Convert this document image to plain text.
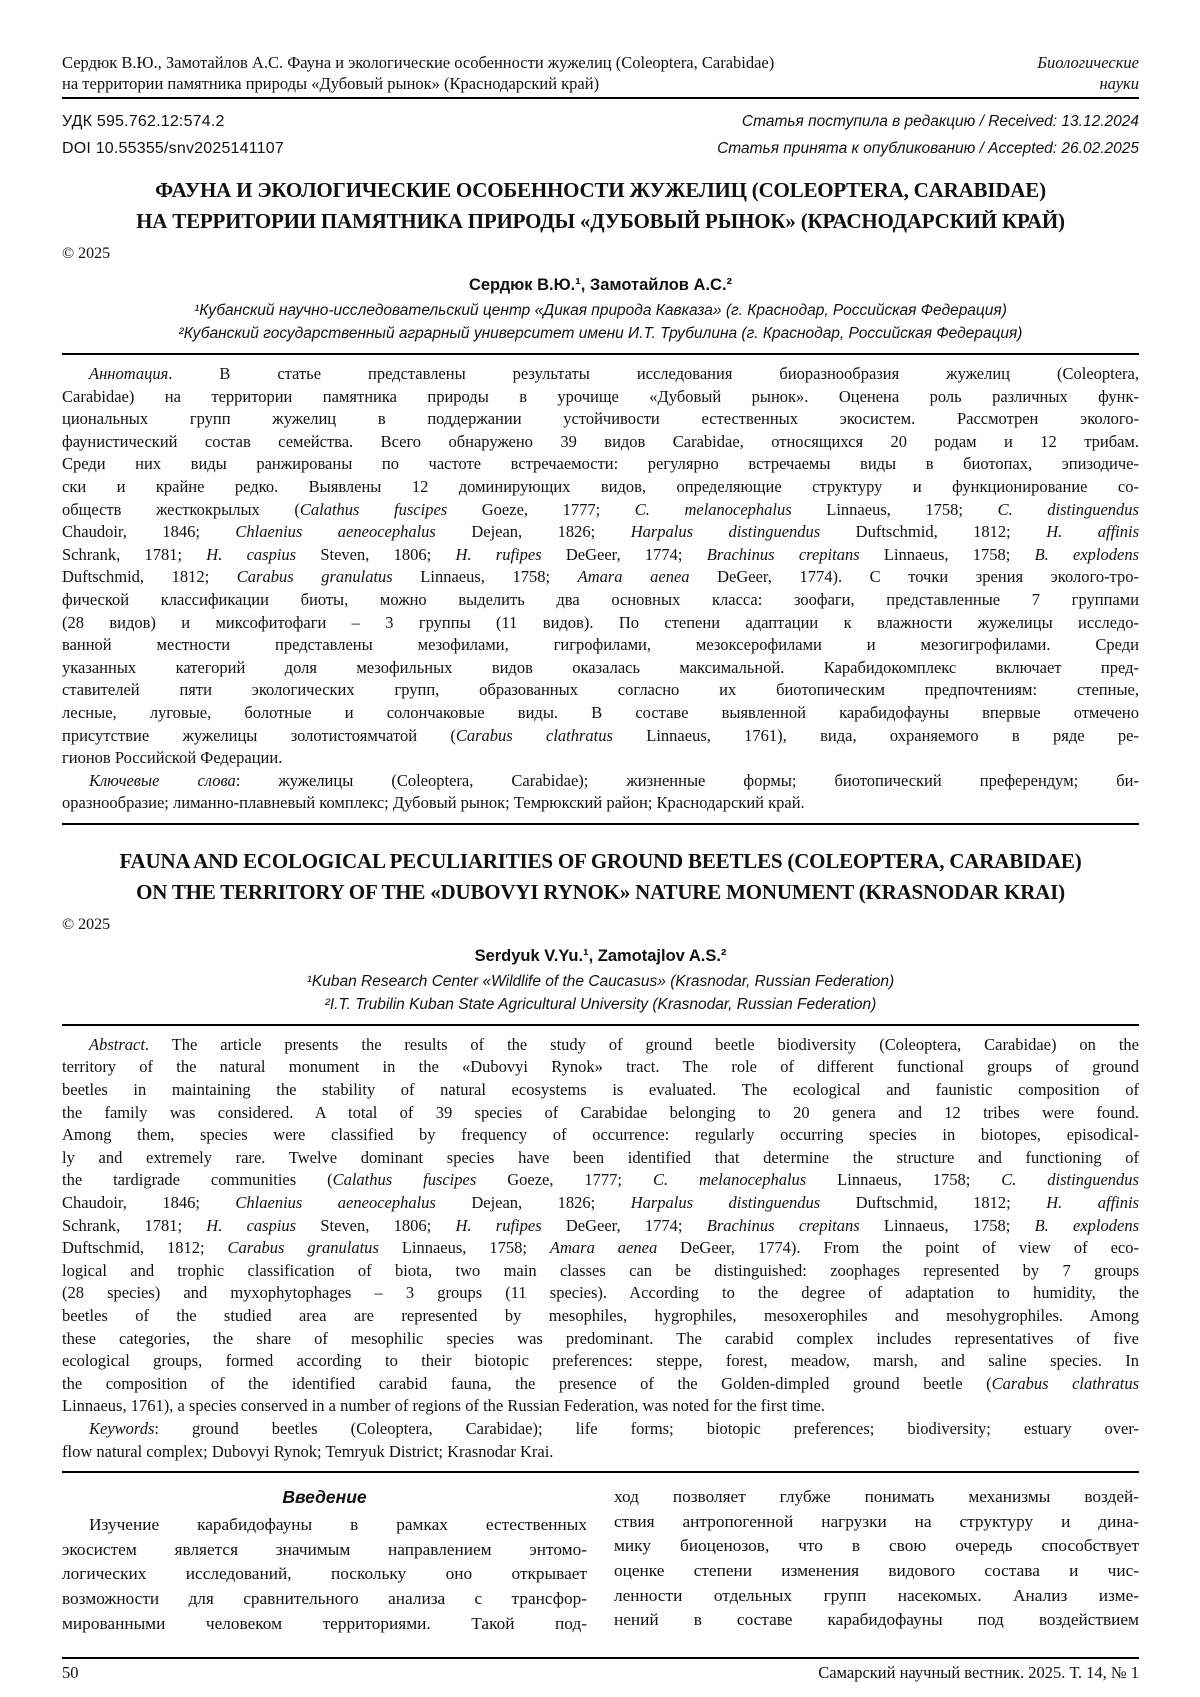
Сердюк В.Ю., Замотайлов А.С. Фауна и экологические особенности жужелиц (Coleoptera, Carabidae)
на территории памятника природы «Дубовый рынок» (Краснодарский край)
Биологические
науки
УДК 595.762.12:574.2	Статья поступила в редакцию / Received: 13.12.2024
DOI 10.55355/snv2025141107	Статья принята к опубликованию / Accepted: 26.02.2025
ФАУНА И ЭКОЛОГИЧЕСКИЕ ОСОБЕННОСТИ ЖУЖЕЛИЦ (COLEOPTERA, CARABIDAE)
НА ТЕРРИТОРИИ ПАМЯТНИКА ПРИРОДЫ «ДУБОВЫЙ РЫНОК» (КРАСНОДАРСКИЙ КРАЙ)
© 2025
Сердюк В.Ю.¹, Замотайлов А.С.²
¹Кубанский научно-исследовательский центр «Дикая природа Кавказа» (г. Краснодар, Российская Федерация)
²Кубанский государственный аграрный университет имени И.Т. Трубилина (г. Краснодар, Российская Федерация)
Аннотация. В статье представлены результаты исследования биоразнообразия жужелиц (Coleoptera,
Carabidae) на территории памятника природы в урочище «Дубовый рынок». Оценена роль различных функ-
циональных групп жужелиц в поддержании устойчивости естественных экосистем. Рассмотрен эколого-
фаунистический состав семейства. Всего обнаружено 39 видов Carabidae, относящихся 20 родам и 12 трибам.
Среди них виды ранжированы по частоте встречаемости: регулярно встречаемы виды в биотопах, эпизодиче-
ски и крайне редко. Выявлены 12 доминирующих видов, определяющие структуру и функционирование со-
обществ жесткокрылых (Calathus fuscipes Goeze, 1777; C. melanocephalus Linnaeus, 1758; C. distinguendus
Chaudoir, 1846; Chlaenius aeneocephalus Dejean, 1826; Harpalus distinguendus Duftschmid, 1812; H. affinis
Schrank, 1781; H. caspius Steven, 1806; H. rufipes DeGeer, 1774; Brachinus crepitans Linnaeus, 1758; B. explodens
Duftschmid, 1812; Carabus granulatus Linnaeus, 1758; Amara aenea DeGeer, 1774). С точки зрения эколого-тро-
фической классификации биоты, можно выделить два основных класса: зоофаги, представленные 7 группами
(28 видов) и миксофитофаги – 3 группы (11 видов). По степени адаптации к влажности жужелицы исследо-
ванной местности представлены мезофилами, гигрофилами, мезоксерофилами и мезогигрофилами. Среди
указанных категорий доля мезофильных видов оказалась максимальной. Карабидокомплекс включает пред-
ставителей пяти экологических групп, образованных согласно их биотопическим предпочтениям: степные,
лесные, луговые, болотные и солончаковые виды. В составе выявленной карабидофауны впервые отмечено
присутствие жужелицы золотистоямчатой (Carabus clathratus Linnaeus, 1761), вида, охраняемого в ряде ре-
гионов Российской Федерации.
Ключевые слова: жужелицы (Coleoptera, Carabidae); жизненные формы; биотопический преферендум; би-
оразнообразие; лиманно-плавневый комплекс; Дубовый рынок; Темрюкский район; Краснодарский край.
FAUNA AND ECOLOGICAL PECULIARITIES OF GROUND BEETLES (COLEOPTERA, CARABIDAE)
ON THE TERRITORY OF THE «DUBOVYI RYNOK» NATURE MONUMENT (KRASNODAR KRAI)
© 2025
Serdyuk V.Yu.¹, Zamotajlov A.S.²
¹Kuban Research Center «Wildlife of the Caucasus» (Krasnodar, Russian Federation)
²I.T. Trubilin Kuban State Agricultural University (Krasnodar, Russian Federation)
Abstract. The article presents the results of the study of ground beetle biodiversity (Coleoptera, Carabidae) on the
territory of the natural monument in the «Dubovyi Rynok» tract. The role of different functional groups of ground
beetles in maintaining the stability of natural ecosystems is evaluated. The ecological and faunistic composition of
the family was considered. A total of 39 species of Carabidae belonging to 20 genera and 12 tribes were found.
Among them, species were classified by frequency of occurrence: regularly occurring species in biotopes, episodical-
ly and extremely rare. Twelve dominant species have been identified that determine the structure and functioning of
the tardigrade communities (Calathus fuscipes Goeze, 1777; C. melanocephalus Linnaeus, 1758; C. distinguendus
Chaudoir, 1846; Chlaenius aeneocephalus Dejean, 1826; Harpalus distinguendus Duftschmid, 1812; H. affinis
Schrank, 1781; H. caspius Steven, 1806; H. rufipes DeGeer, 1774; Brachinus crepitans Linnaeus, 1758; B. explodens
Duftschmid, 1812; Carabus granulatus Linnaeus, 1758; Amara aenea DeGeer, 1774). From the point of view of eco-
logical and trophic classification of biota, two main classes can be distinguished: zoophages represented by 7 groups
(28 species) and myxophytophages – 3 groups (11 species). According to the degree of adaptation to humidity, the
beetles of the studied area are represented by mesophiles, hygrophiles, mesoxerophiles and mesohygrophiles. Among
these categories, the share of mesophilic species was predominant. The carabid complex includes representatives of five
ecological groups, formed according to their biotopic preferences: steppe, forest, meadow, marsh, and saline species. In
the composition of the identified carabid fauna, the presence of the Golden-dimpled ground beetle (Carabus clathratus
Linnaeus, 1761), a species conserved in a number of regions of the Russian Federation, was noted for the first time.
Keywords: ground beetles (Coleoptera, Carabidae); life forms; biotopic preferences; biodiversity; estuary over-
flow natural complex; Dubovyi Rynok; Temryuk District; Krasnodar Krai.
Введение
Изучение карабидофауны в рамках естественных
экосистем является значимым направлением энтомо-
логических исследований, поскольку оно открывает
возможности для сравнительного анализа с трансфор-
мированными человеком территориями. Такой под-
ход позволяет глубже понимать механизмы воздей-
ствия антропогенной нагрузки на структуру и дина-
мику биоценозов, что в свою очередь способствует
оценке степени изменения видового состава и чис-
ленности отдельных групп насекомых. Анализ изме-
нений в составе карабидофауны под воздействием
50	Самарский научный вестник. 2025. Т. 14, № 1
